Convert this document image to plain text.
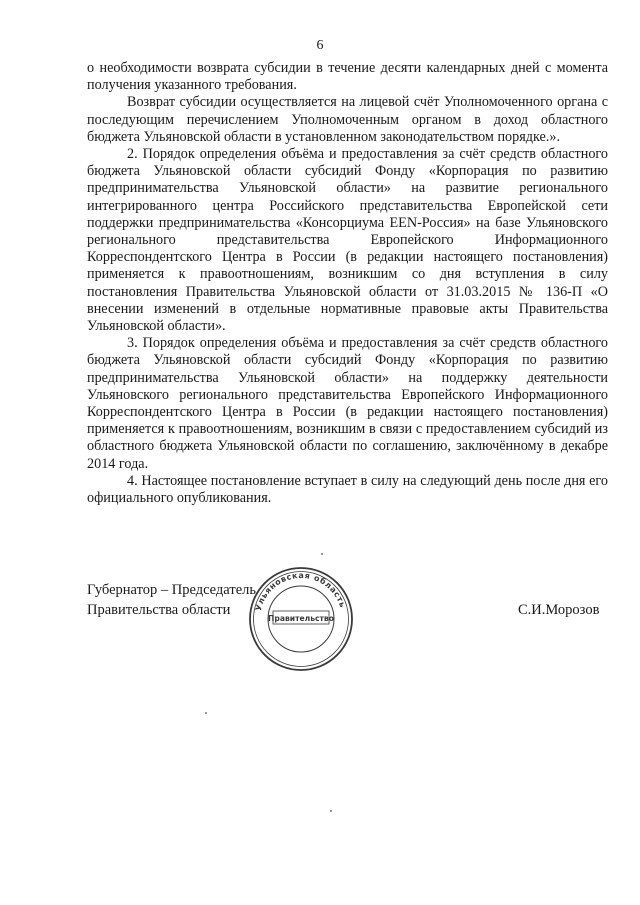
6

о необходимости возврата субсидии в течение десяти календарных дней с момента получения указанного требования.

Возврат субсидии осуществляется на лицевой счёт Уполномоченного органа с последующим перечислением Уполномоченным органом в доход областного бюджета Ульяновской области в установленном законодательством порядке.».

2. Порядок определения объёма и предоставления за счёт средств областного бюджета Ульяновской области субсидий Фонду «Корпорация по развитию предпринимательства Ульяновской области» на развитие регионального интегрированного центра Российского представительства Европейской сети поддержки предпринимательства «Консорциума EEN-Россия» на базе Ульяновского регионального представительства Европейского Информационного Корреспондентского Центра в России (в редакции настоящего постановления) применяется к правоотношениям, возникшим со дня вступления в силу постановления Правительства Ульяновской области от 31.03.2015 № 136-П «О внесении изменений в отдельные нормативные правовые акты Правительства Ульяновской области».

3. Порядок определения объёма и предоставления за счёт средств областного бюджета Ульяновской области субсидий Фонду «Корпорация по развитию предпринимательства Ульяновской области» на поддержку деятельности Ульяновского регионального представительства Европейского Информационного Корреспондентского Центра в России (в редакции настоящего постановления) применяется к правоотношениям, возникшим в связи с предоставлением субсидий из областного бюджета Ульяновской области по соглашению, заключённому в декабре 2014 года.

4. Настоящее постановление вступает в силу на следующий день после дня его официального опубликования.

Губернатор – Председатель
Правительства области	С.И.Морозов
Ульяновская область
Правительство
